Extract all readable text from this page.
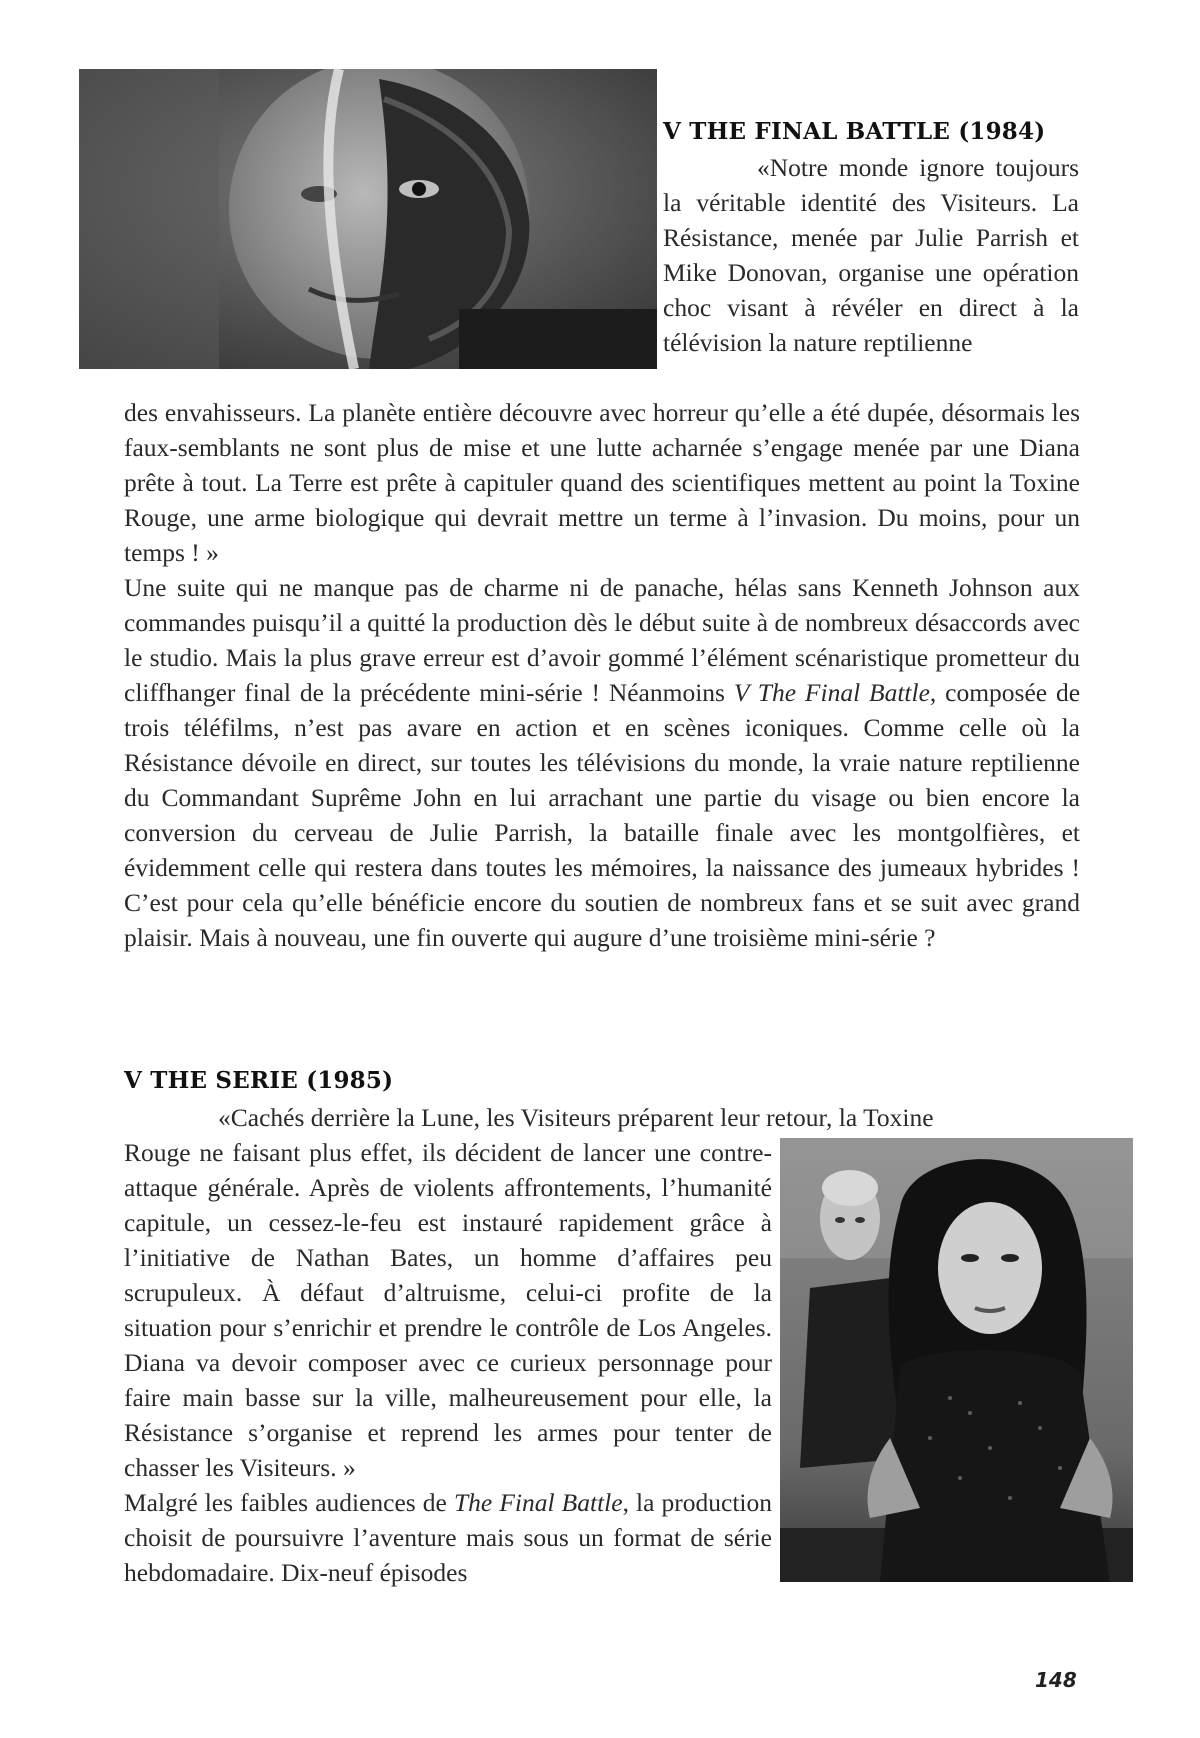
V THE FINAL BATTLE (1984)

«Notre monde ignore toujours la véritable identité des Visiteurs. La Résistance, menée par Julie Parrish et Mike Donovan, organise une opération choc visant à révéler en direct à la télévision la nature reptilienne

des envahisseurs. La planète entière découvre avec horreur qu’elle a été dupée, désormais les faux-semblants ne sont plus de mise et une lutte acharnée s’engage menée par une Diana prête à tout. La Terre est prête à capituler quand des scientifiques mettent au point la Toxine Rouge, une arme biologique qui devrait mettre un terme à l’invasion. Du moins, pour un temps ! »

Une suite qui ne manque pas de charme ni de panache, hélas sans Kenneth Johnson aux commandes puisqu’il a quitté la production dès le début suite à de nombreux désaccords avec le studio. Mais la plus grave erreur est d’avoir gommé l’élément scénaristique prometteur du cliffhanger final de la précédente mini-série ! Néanmoins V The Final Battle, composée de trois téléfilms, n’est pas avare en action et en scènes iconiques. Comme celle où la Résistance dévoile en direct, sur toutes les télévisions du monde, la vraie nature reptilienne du Commandant Suprême John en lui arrachant une partie du visage ou bien encore la conversion du cerveau de Julie Parrish, la bataille finale avec les montgolfières, et évidemment celle qui restera dans toutes les mémoires, la naissance des jumeaux hybrides ! C’est pour cela qu’elle bénéficie encore du soutien de nombreux fans et se suit avec grand plaisir. Mais à nouveau, une fin ouverte qui augure d’une troisième mini-série ?

V THE SERIE (1985)

«Cachés derrière la Lune, les Visiteurs préparent leur retour, la Toxine

Rouge ne faisant plus effet, ils décident de lancer une contre-attaque générale. Après de violents affrontements, l’humanité capitule, un cessez-le-feu est instauré rapidement grâce à l’initiative de Nathan Bates, un homme d’affaires peu scrupuleux. À défaut d’altruisme, celui-ci profite de la situation pour s’enrichir et prendre le contrôle de Los Angeles. Diana va devoir composer avec ce curieux personnage pour faire main basse sur la ville, malheureusement pour elle, la Résistance s’organise et reprend les armes pour tenter de chasser les Visiteurs. »

Malgré les faibles audiences de The Final Battle, la production choisit de poursuivre l’aventure mais sous un format de série hebdomadaire. Dix-neuf épisodes

148
